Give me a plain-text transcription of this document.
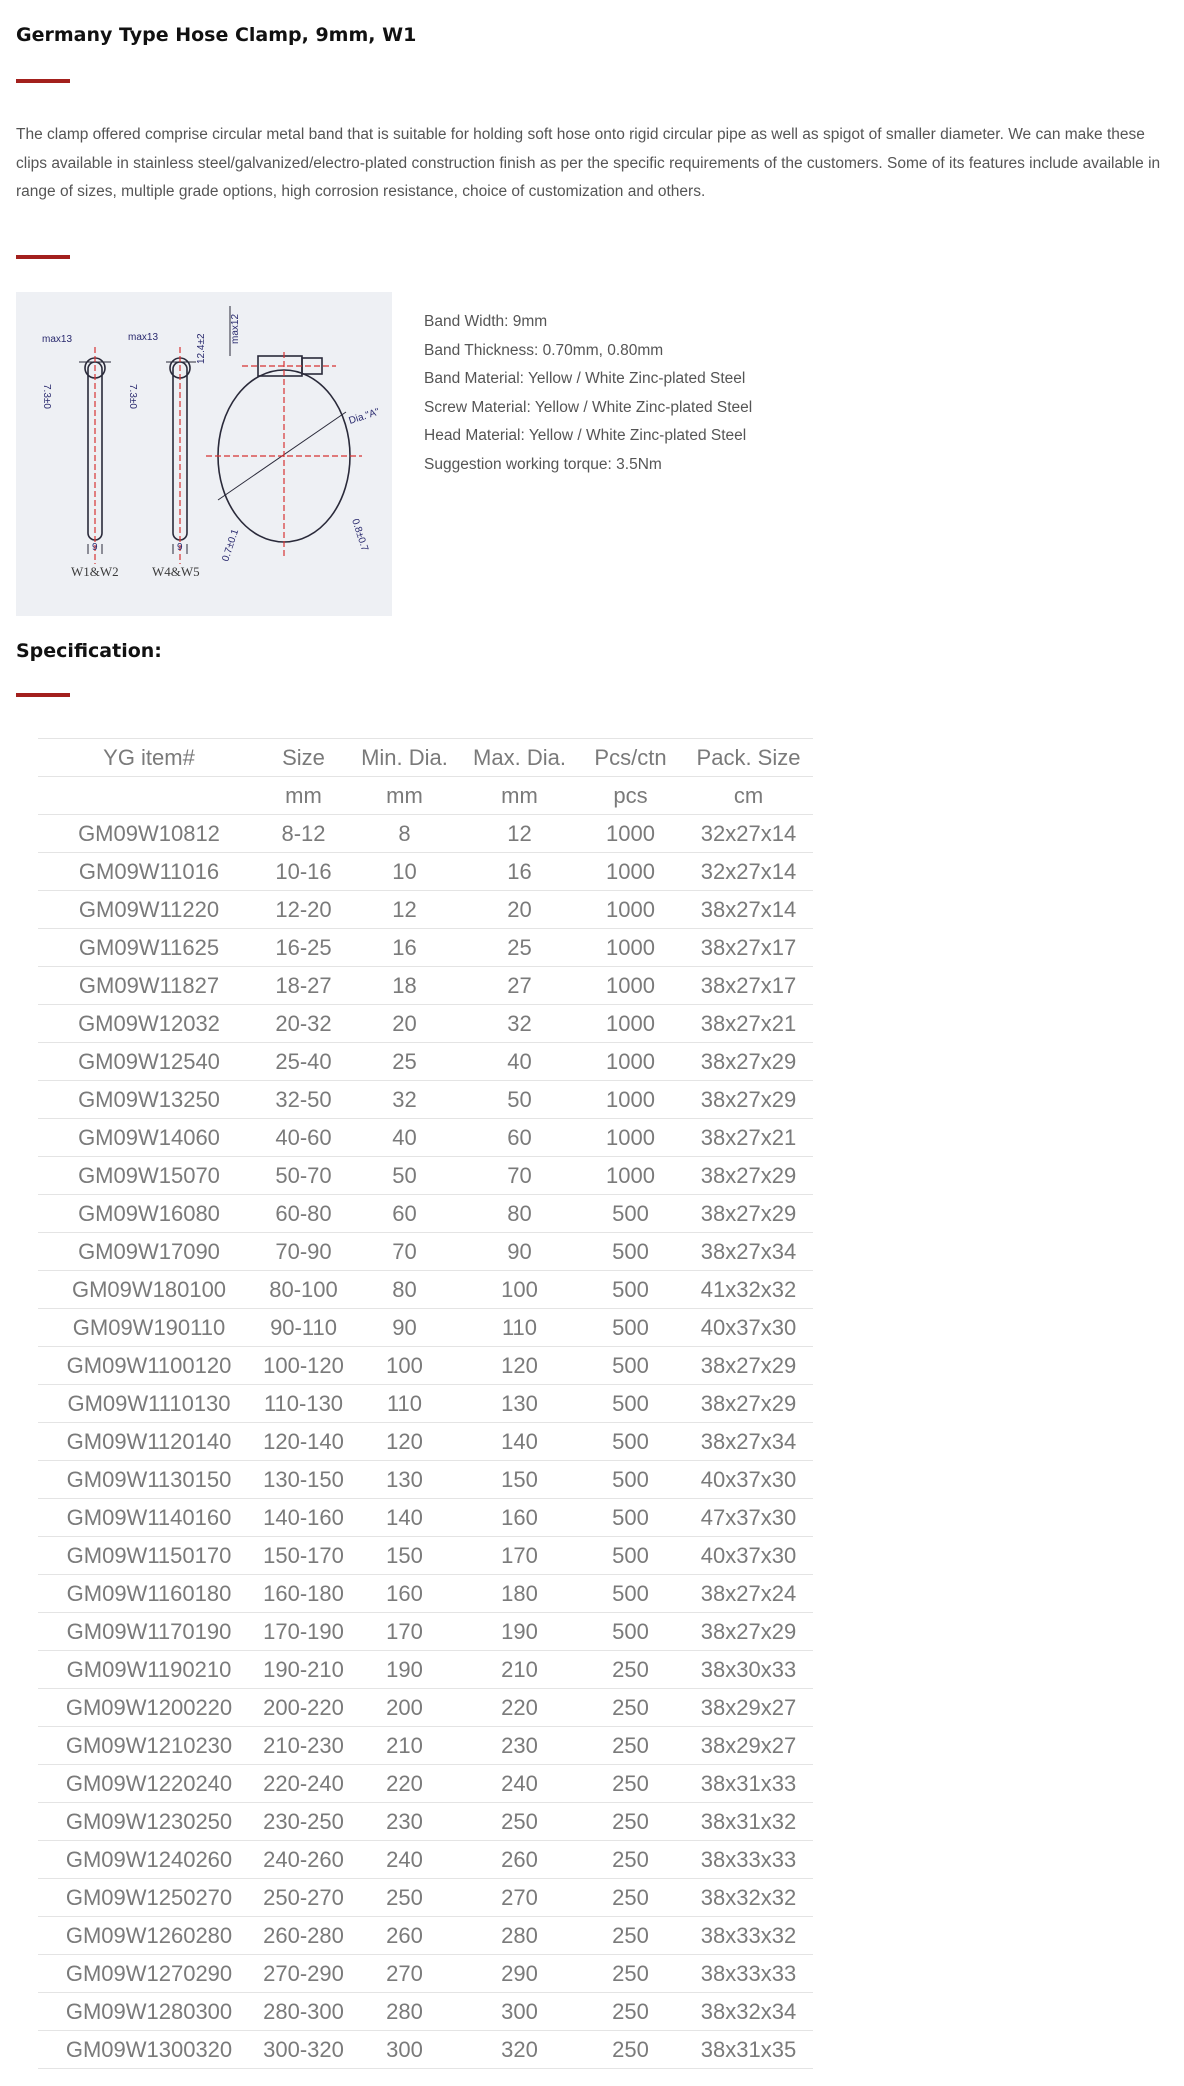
Germany Type Hose Clamp, 9mm, W1

The clamp offered comprise circular metal band that is suitable for holding soft hose onto rigid circular pipe as well as spigot of smaller diameter. We can make these clips available in stainless steel/galvanized/electro-plated construction finish as per the specific requirements of the customers. Some of its features include available in range of sizes, multiple grade options, high corrosion resistance, choice of customization and others.

max13	max13
7.3±0	7.3±0
12.4±2
max12
9	9
Dia."A"
0.7±0.1	0.8±0.7
W1&W2	W4&W5
Band Width: 9mm
Band Thickness: 0.70mm, 0.80mm
Band Material: Yellow / White Zinc-plated Steel
Screw Material: Yellow / White Zinc-plated Steel
Head Material: Yellow / White Zinc-plated Steel
Suggestion working torque: 3.5Nm
Specification:
YG item#	Size	Min. Dia.	Max. Dia.	Pcs/ctn	Pack. Size
	mm	mm	mm	pcs	cm
GM09W10812	8-12	8	12	1000	32x27x14
GM09W11016	10-16	10	16	1000	32x27x14
GM09W11220	12-20	12	20	1000	38x27x14
GM09W11625	16-25	16	25	1000	38x27x17
GM09W11827	18-27	18	27	1000	38x27x17
GM09W12032	20-32	20	32	1000	38x27x21
GM09W12540	25-40	25	40	1000	38x27x29
GM09W13250	32-50	32	50	1000	38x27x29
GM09W14060	40-60	40	60	1000	38x27x21
GM09W15070	50-70	50	70	1000	38x27x29
GM09W16080	60-80	60	80	500	38x27x29
GM09W17090	70-90	70	90	500	38x27x34
GM09W180100	80-100	80	100	500	41x32x32
GM09W190110	90-110	90	110	500	40x37x30
GM09W1100120	100-120	100	120	500	38x27x29
GM09W1110130	110-130	110	130	500	38x27x29
GM09W1120140	120-140	120	140	500	38x27x34
GM09W1130150	130-150	130	150	500	40x37x30
GM09W1140160	140-160	140	160	500	47x37x30
GM09W1150170	150-170	150	170	500	40x37x30
GM09W1160180	160-180	160	180	500	38x27x24
GM09W1170190	170-190	170	190	500	38x27x29
GM09W1190210	190-210	190	210	250	38x30x33
GM09W1200220	200-220	200	220	250	38x29x27
GM09W1210230	210-230	210	230	250	38x29x27
GM09W1220240	220-240	220	240	250	38x31x33
GM09W1230250	230-250	230	250	250	38x31x32
GM09W1240260	240-260	240	260	250	38x33x33
GM09W1250270	250-270	250	270	250	38x32x32
GM09W1260280	260-280	260	280	250	38x33x32
GM09W1270290	270-290	270	290	250	38x33x33
GM09W1280300	280-300	280	300	250	38x32x34
GM09W1300320	300-320	300	320	250	38x31x35
